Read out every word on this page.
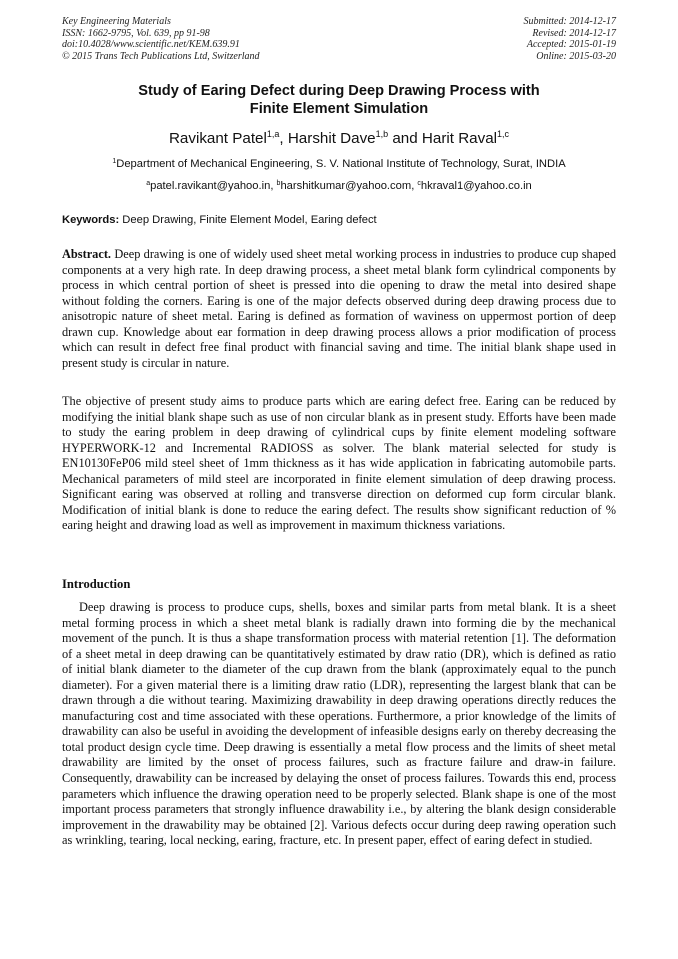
Key Engineering Materials
ISSN: 1662-9795, Vol. 639, pp 91-98
doi:10.4028/www.scientific.net/KEM.639.91
© 2015 Trans Tech Publications Ltd, Switzerland
Submitted: 2014-12-17
Revised: 2014-12-17
Accepted: 2015-01-19
Online: 2015-03-20
Study of Earing Defect during Deep Drawing Process with
Finite Element Simulation
Ravikant Patel$^{1,a}$, Harshit Dave$^{1,b}$ and Harit Raval$^{1,c}$
$^1$Department of Mechanical Engineering, S. V. National Institute of Technology, Surat, INDIA
$^a$patel.ravikant@yahoo.in, $^b$harshitkumar@yahoo.com, $^c$hkraval1@yahoo.co.in
Keywords: Deep Drawing, Finite Element Model, Earing defect

Abstract. Deep drawing is one of widely used sheet metal working process in industries to produce cup shaped components at a very high rate. In deep drawing process, a sheet metal blank form cylindrical components by process in which central portion of sheet is pressed into die opening to draw the metal into desired shape without folding the corners. Earing is one of the major defects observed during deep drawing process due to anisotropic nature of sheet metal. Earing is defined as formation of waviness on uppermost portion of deep drawn cup. Knowledge about ear formation in deep drawing process allows a prior modification of process which can result in defect free final product with financial saving and time. The initial blank shape used in present study is circular in nature.

The objective of present study aims to produce parts which are earing defect free. Earing can be reduced by modifying the initial blank shape such as use of non circular blank as in present study. Efforts have been made to study the earing problem in deep drawing of cylindrical cups by finite element modeling software HYPERWORK-12 and Incremental RADIOSS as solver. The blank material selected for study is EN10130FeP06 mild steel sheet of 1mm thickness as it has wide application in fabricating automobile parts. Mechanical parameters of mild steel are incorporated in finite element simulation of deep drawing process. Significant earing was observed at rolling and transverse direction on deformed cup form circular blank. Modification of initial blank is done to reduce the earing defect. The results show significant reduction of % earing height and drawing load as well as improvement in maximum thickness variations.

Introduction

Deep drawing is process to produce cups, shells, boxes and similar parts from metal blank. It is a sheet metal forming process in which a sheet metal blank is radially drawn into forming die by the mechanical movement of the punch. It is thus a shape transformation process with material retention [1]. The deformation of a sheet metal in deep drawing can be quantitatively estimated by draw ratio (DR), which is defined as ratio of initial blank diameter to the diameter of the cup drawn from the blank (approximately equal to the punch diameter). For a given material there is a limiting draw ratio (LDR), representing the largest blank that can be drawn through a die without tearing. Maximizing drawability in deep drawing operations directly reduces the manufacturing cost and time associated with these operations. Furthermore, a prior knowledge of the limits of drawability can also be useful in avoiding the development of infeasible designs early on thereby decreasing the total product design cycle time. Deep drawing is essentially a metal flow process and the limits of sheet metal drawability are limited by the onset of process failures, such as fracture failure and draw-in failure. Consequently, drawability can be increased by delaying the onset of process failures. Towards this end, process parameters which influence the drawing operation need to be properly selected. Blank shape is one of the most important process parameters that strongly influence drawability i.e., by altering the blank design considerable improvement in the drawability may be obtained [2]. Various defects occur during deep rawing operation such as wrinkling, tearing, local necking, earing, fracture, etc. In present paper, effect of earing defect in studied.
